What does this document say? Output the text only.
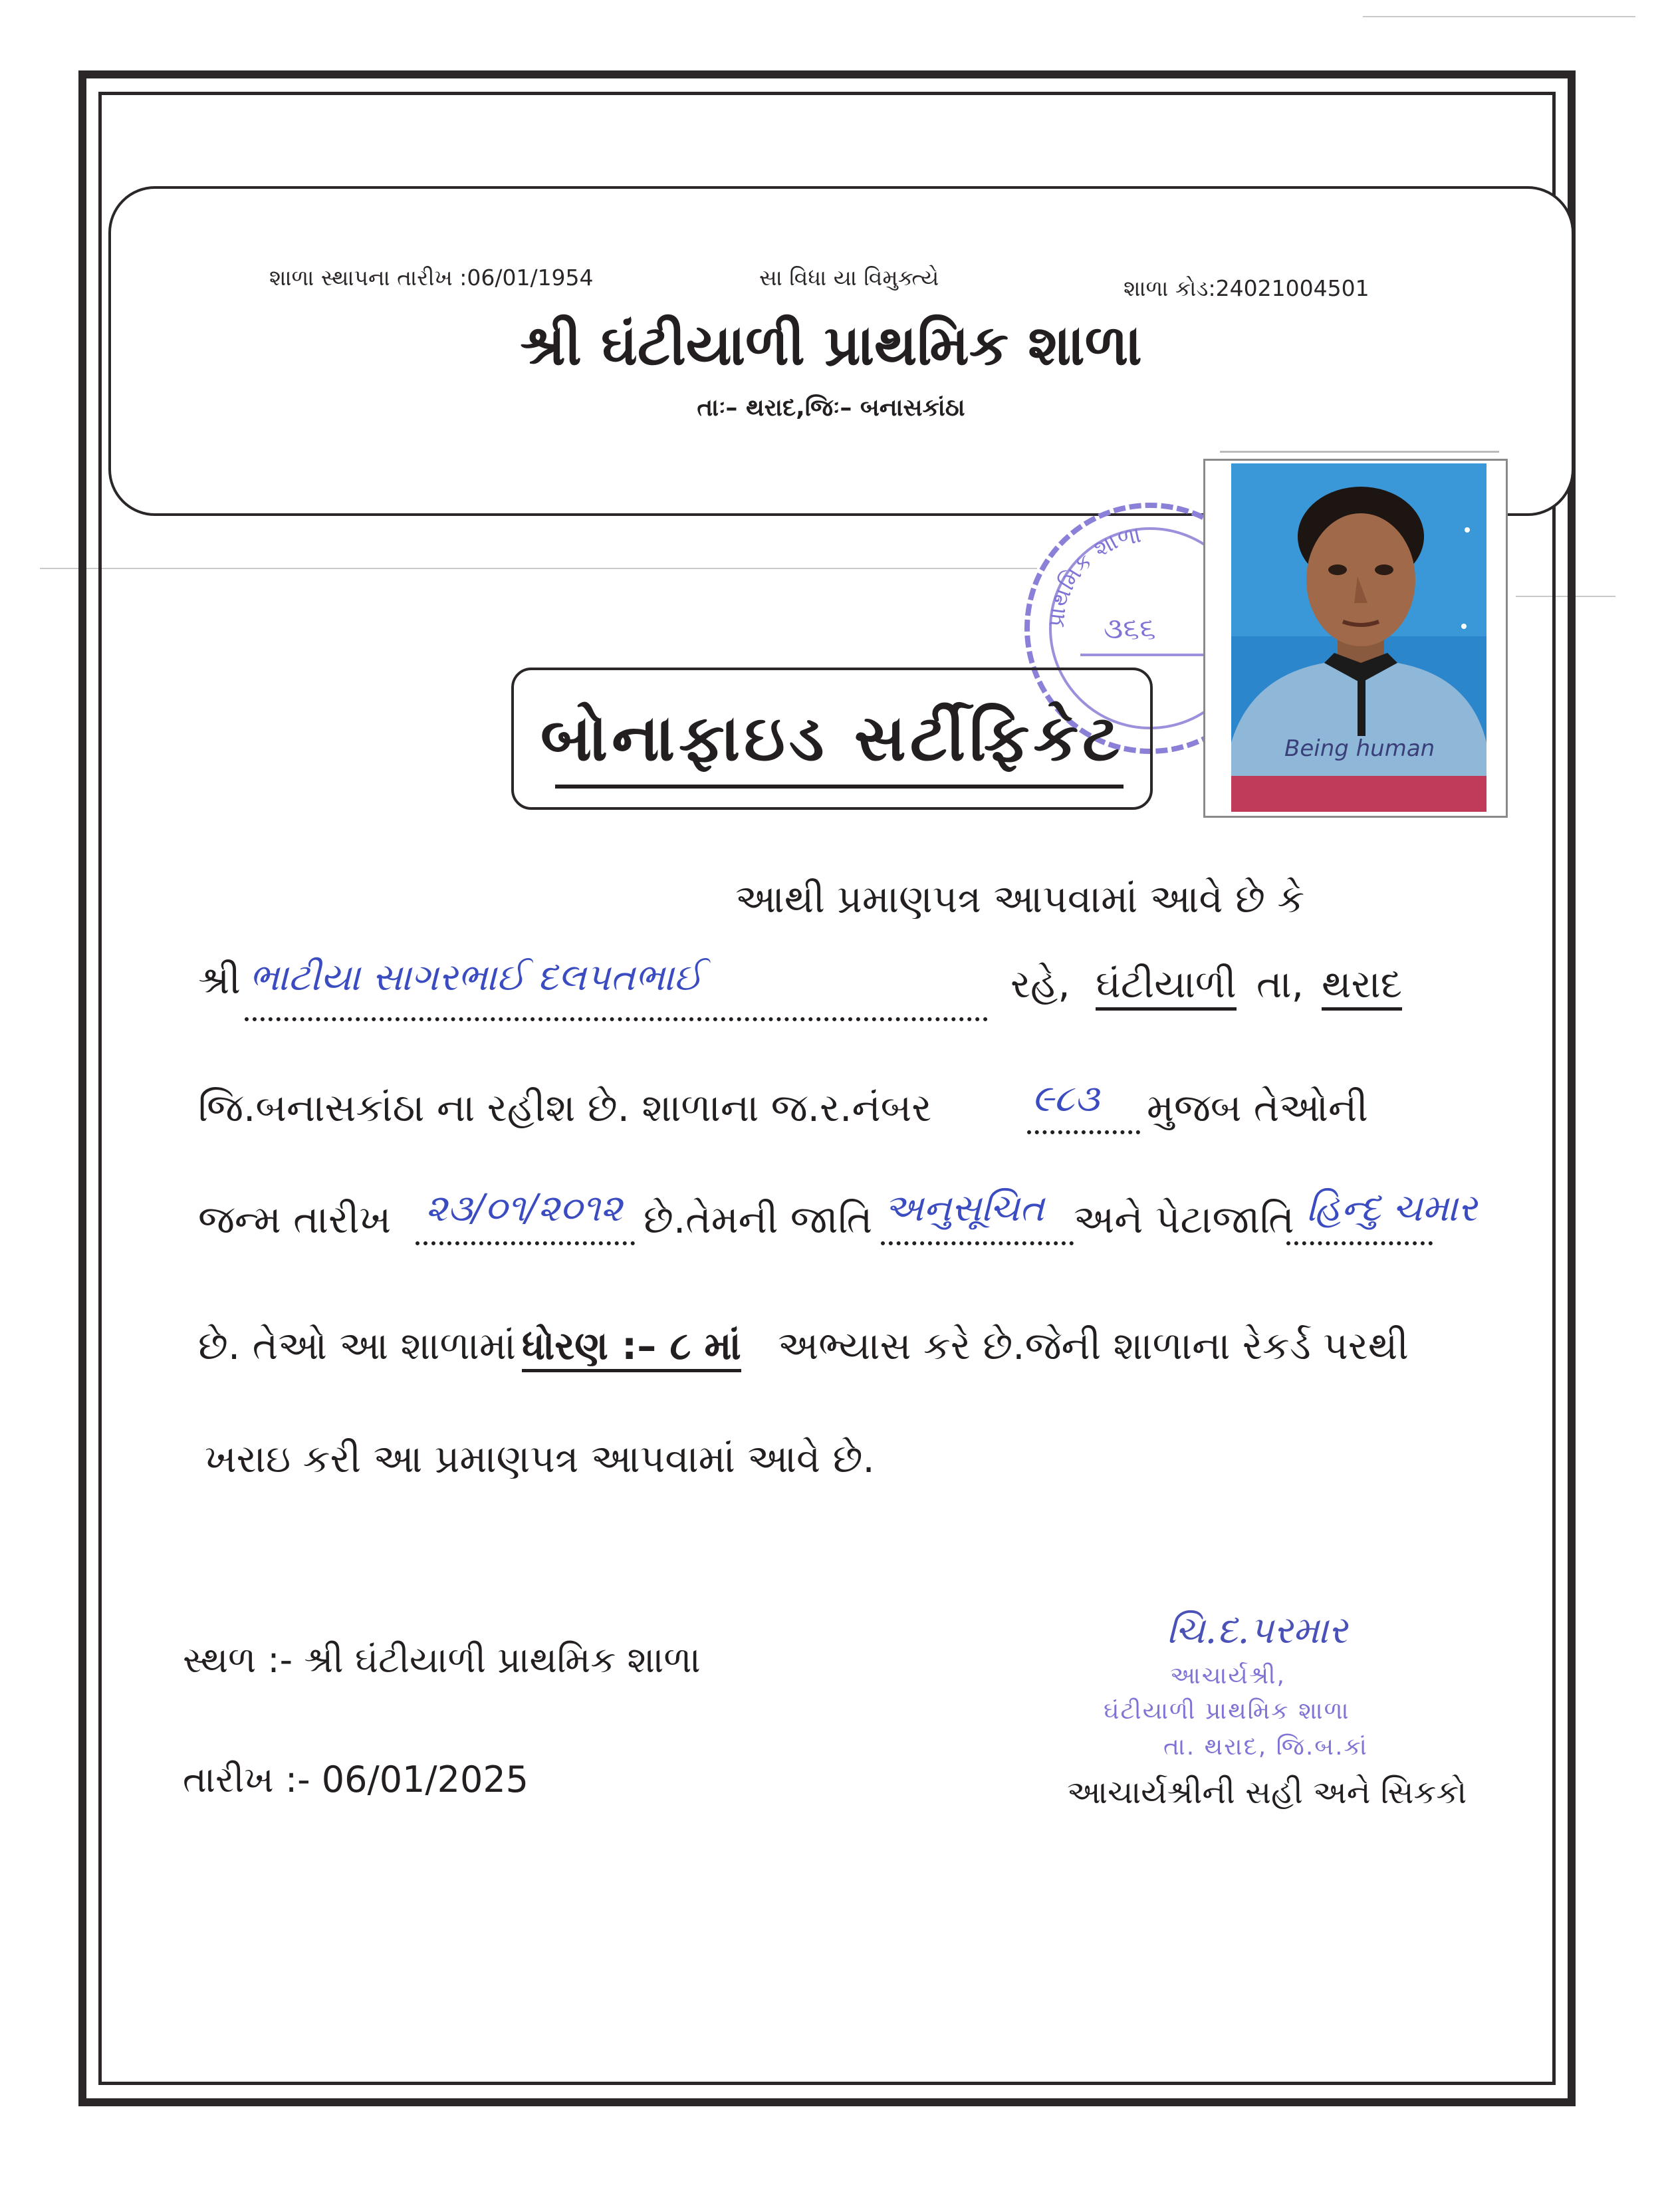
શાળા સ્થાપના તારીખ :06/01/1954	સા વિધા યા વિમુક્ત્યે	શાળા કોડ:24021004501
શ્રી ઘંટીયાળી પ્રાથમિક શાળા
તાઃ– થરાદ,જિઃ– બનાસકાંઠા
પ્રાથમિક શાળા
૩૬૬
Being human
બોનાફાઇડ સર્ટીફિકેટ
આથી પ્રમાણપત્ર આપવામાં આવે છે કે
શ્રી ભાટીયા સાગરભાઈ દલપતભાઈ	રહે, ઘંટીયાળી તા, થરાદ
જિ.બનાસકાંઠા ના રહીશ છે. શાળાના જ.ર.નંબર	૯૮૩ મુજબ તેઓની
જન્મ તારીખ ૨૩/૦૧/૨૦૧૨ છે.તેમની જાતિ અનુસૂચિત અને પેટાજાતિ હિન્દુ ચમાર
છે. તેઓ આ શાળામાં ધોરણ :– ૮ માં અભ્યાસ કરે છે.જેની શાળાના રેકર્ડ પરથી
ખરાઇ કરી આ પ્રમાણપત્ર આપવામાં આવે છે.
સ્થળ :- શ્રી ઘંટીયાળી પ્રાથમિક શાળા
તારીખ :- 06/01/2025
ચિ.દ.પરમાર
આચાર્યશ્રી,
ઘંટીયાળી પ્રાથમિક શાળા
તા. થરાદ, જિ.બ.કાં
આચાર્યશ્રીની સહી અને સિકકો
